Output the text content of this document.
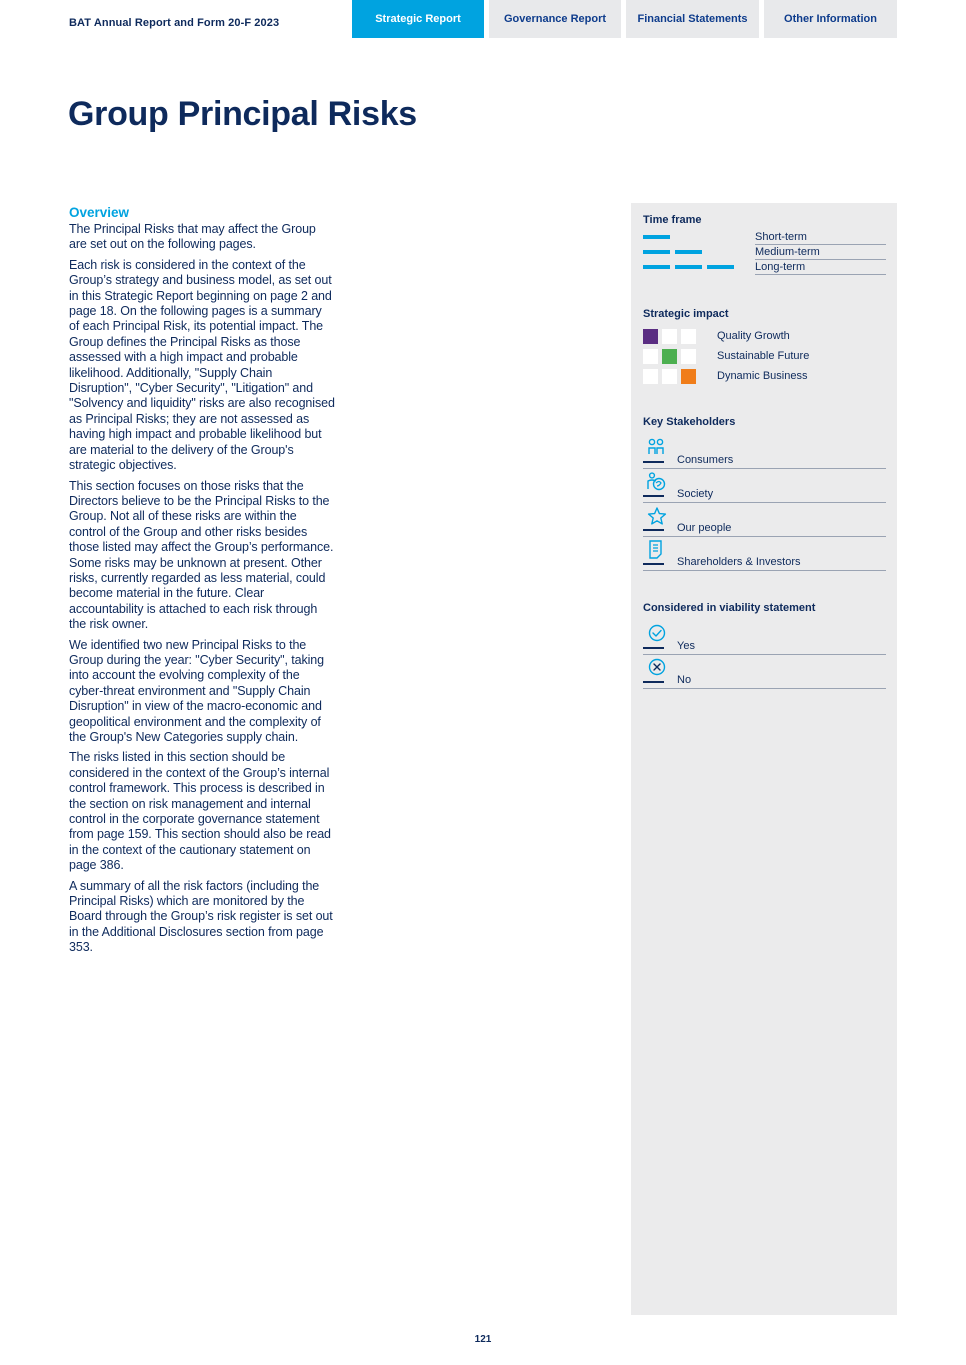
BAT Annual Report and Form 20-F 2023	Strategic Report	Governance Report	Financial Statements	Other Information
Group Principal Risks
Overview

The Principal Risks that may affect the Group are set out on the following pages.

Each risk is considered in the context of the Group’s strategy and business model, as set out in this Strategic Report beginning on page 2 and page 18. On the following pages is a summary of each Principal Risk, its potential impact. The Group defines the Principal Risks as those assessed with a high impact and probable likelihood. Additionally, "Supply Chain Disruption", "Cyber Security", "Litigation" and "Solvency and liquidity" risks are also recognised as Principal Risks; they are not assessed as having high impact and probable likelihood but are material to the delivery of the Group's strategic objectives.

This section focuses on those risks that the Directors believe to be the Principal Risks to the Group. Not all of these risks are within the control of the Group and other risks besides those listed may affect the Group’s performance. Some risks may be unknown at present. Other risks, currently regarded as less material, could become material in the future. Clear accountability is attached to each risk through the risk owner.

We identified two new Principal Risks to the Group during the year: "Cyber Security", taking into account the evolving complexity of the cyber-threat environment and "Supply Chain Disruption" in view of the macro-economic and geopolitical environment and the complexity of the Group's New Categories supply chain.

The risks listed in this section should be considered in the context of the Group’s internal control framework. This process is described in the section on risk management and internal control in the corporate governance statement from page 159. This section should also be read in the context of the cautionary statement on page 386.

A summary of all the risk factors (including the Principal Risks) which are monitored by the Board through the Group’s risk register is set out in the Additional Disclosures section from page 353.

Time frame
Short-term
Medium-term
Long-term
Strategic impact
Quality Growth
Sustainable Future
Dynamic Business
Key Stakeholders
Consumers
Society
Our people
Shareholders & Investors
Considered in viability statement
Yes
No
121
